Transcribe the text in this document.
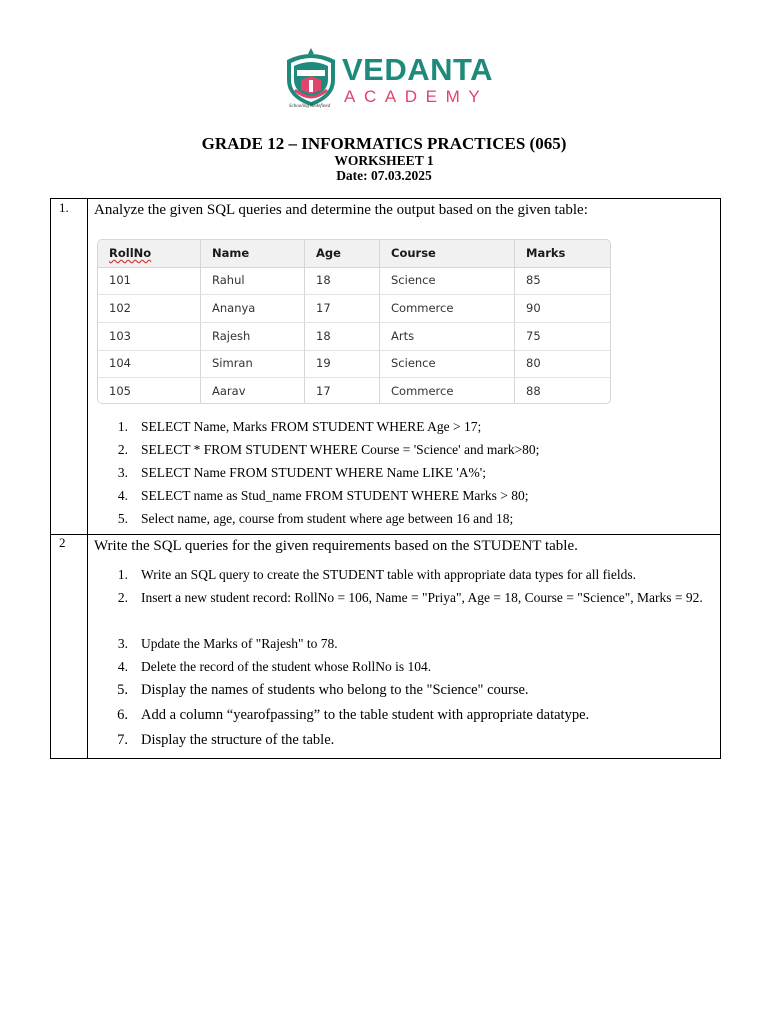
VEDANTA
ACADEMY
Schooling Redefined
GRADE 12 – INFORMATICS PRACTICES (065)
WORKSHEET 1
Date: 07.03.2025
1. Analyze the given SQL queries and determine the output based on the given table:
RollNo	Name	Age	Course	Marks
101	Rahul	18	Science	85
102	Ananya	17	Commerce	90
103	Rajesh	18	Arts	75
104	Simran	19	Science	80
105	Aarav	17	Commerce	88
1. SELECT Name, Marks FROM STUDENT WHERE Age > 17;
2. SELECT * FROM STUDENT WHERE Course = 'Science' and mark>80;
3. SELECT Name FROM STUDENT WHERE Name LIKE 'A%';
4. SELECT name as Stud_name FROM STUDENT WHERE Marks > 80;
5. Select name, age, course from student where age between 16 and 18;
2 Write the SQL queries for the given requirements based on the STUDENT table.
1. Write an SQL query to create the STUDENT table with appropriate data types for all fields.
2. Insert a new student record: RollNo = 106, Name = "Priya", Age = 18, Course = "Science", Marks = 92.
3. Update the Marks of "Rajesh" to 78.
4. Delete the record of the student whose RollNo is 104.
5. Display the names of students who belong to the "Science" course.
6. Add a column “yearofpassing” to the table student with appropriate datatype.
7. Display the structure of the table.
